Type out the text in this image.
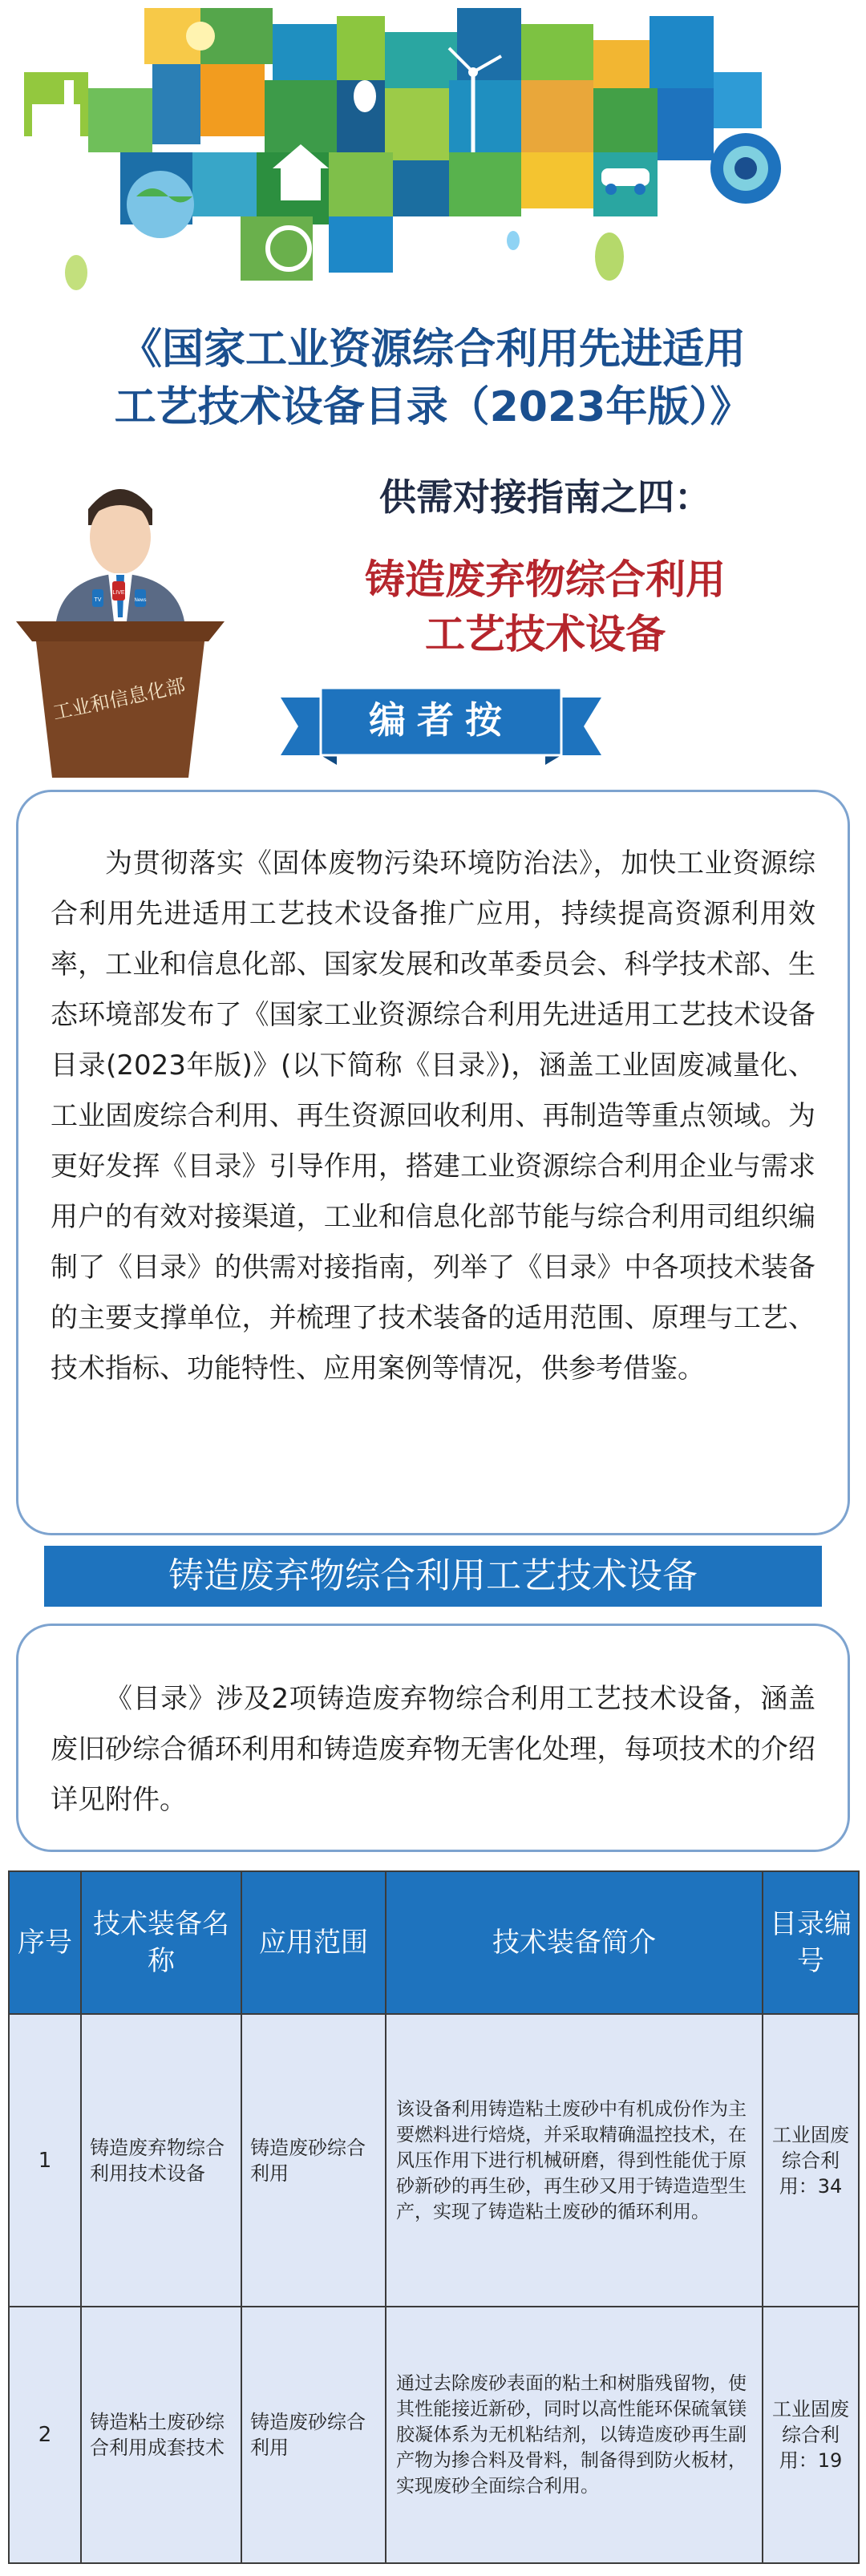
《国家工业资源综合利用先进适用
工艺技术设备目录（2023年版）》
TV
LIVE
News
工业和信息化部
供需对接指南之四：
铸造废弃物综合利用
工艺技术设备
编者按

为贯彻落实《固体废物污染环境防治法》，加快工业资源综合利用先进适用工艺技术设备推广应用，持续提高资源利用效率，工业和信息化部、国家发展和改革委员会、科学技术部、生态环境部发布了《国家工业资源综合利用先进适用工艺技术设备目录(2023年版)》(以下简称《目录》)，涵盖工业固废减量化、工业固废综合利用、再生资源回收利用、再制造等重点领域。为更好发挥《目录》引导作用，搭建工业资源综合利用企业与需求用户的有效对接渠道，工业和信息化部节能与综合利用司组织编制了《目录》的供需对接指南，列举了《目录》中各项技术装备的主要支撑单位，并梳理了技术装备的适用范围、原理与工艺、技术指标、功能特性、应用案例等情况，供参考借鉴。

铸造废弃物综合利用工艺技术设备

《目录》涉及2项铸造废弃物综合利用工艺技术设备，涵盖废旧砂综合循环利用和铸造废弃物无害化处理，每项技术的介绍详见附件。

序号	技术装备名称	应用范围	技术装备简介	目录编号
1	铸造废弃物综合利用技术设备	铸造废砂综合利用	该设备利用铸造粘土废砂中有机成份作为主要燃料进行焙烧，并采取精确温控技术，在风压作用下进行机械研磨，得到性能优于原砂新砂的再生砂，再生砂又用于铸造造型生产，实现了铸造粘土废砂的循环利用。	工业固废综合利用：34
2	铸造粘土废砂综合利用成套技术	铸造废砂综合利用	通过去除废砂表面的粘土和树脂残留物，使其性能接近新砂，同时以高性能环保硫氧镁胶凝体系为无机粘结剂，以铸造废砂再生副产物为掺合料及骨料，制备得到防火板材，实现废砂全面综合利用。	工业固废综合利用：19
